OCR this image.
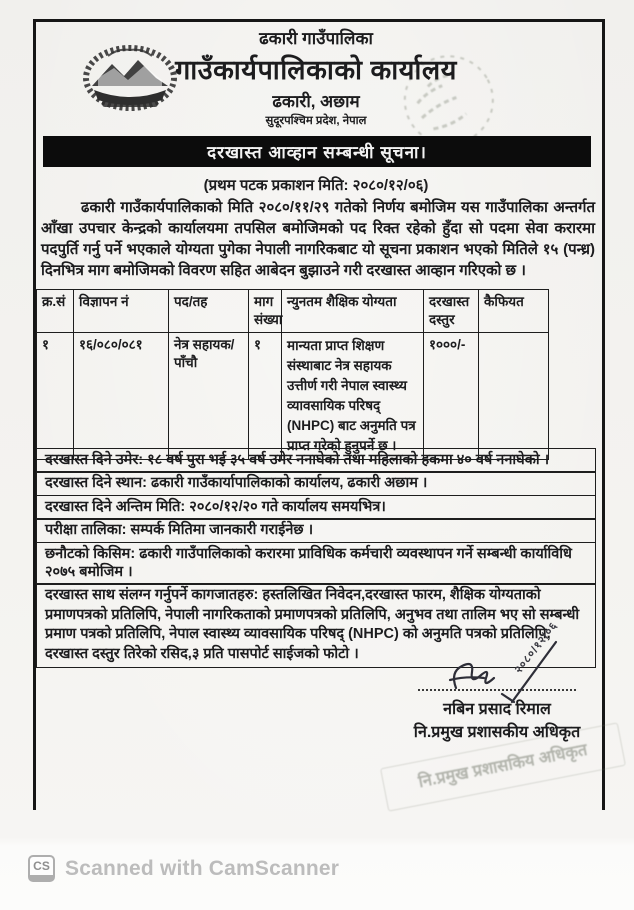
ढकारी गाउँपालिका
गाउँकार्यपालिकाको कार्यालय
ढकारी, अछाम
सुदूरपश्चिम प्रदेश, नेपाल
दरखास्त आव्हान सम्बन्धी सूचना।
(प्रथम पटक प्रकाशन मिति: २०८०/१२/०६)
ढकारी गाउँकार्यपालिकाको मिति २०८०/११/२९ गतेको निर्णय बमोजिम यस गाउँपालिका अन्तर्गत आँखा उपचार केन्द्रको कार्यालयमा तपसिल बमोजिमको पद रिक्त रहेको हुँदा सो पदमा सेवा करारमा पदपुर्ति गर्नु पर्ने भएकाले योग्यता पुगेका नेपाली नागरिकबाट यो सूचना प्रकाशन भएको मितिले १५ (पन्ध्र) दिनभित्र माग बमोजिमको विवरण सहित आबेदन बुझाउने गरी दरखास्त आव्हान गरिएको छ ।
क्र.सं	विज्ञापन नं	पद/तह	माग संख्या	न्युनतम शैक्षिक योग्यता	दरखास्त दस्तुर	कैफियत
१	१६/०८०/०८१	नेत्र सहायक/पाँचौ	१	मान्यता प्राप्त शिक्षण संस्थाबाट नेत्र सहायक उत्तीर्ण गरी नेपाल स्वास्थ्य व्यावसायिक परिषद् (NHPC) बाट अनुमति पत्र प्राप्त गरेको हुनुपर्ने छ ।	१०००/-	
दरखास्त दिने उमेर: १८ वर्ष पुरा भई ३५ वर्ष उमेर ननाघेको तथा महिलाको हकमा ४० वर्ष ननाघेको ।
दरखास्त दिने स्थान: ढकारी गाउँकार्यापालिकाको कार्यालय, ढकारी अछाम ।
दरखास्त दिने अन्तिम मिति: २०८०/१२/२० गते कार्यालय समयभित्र।
परीक्षा तालिका: सम्पर्क मितिमा जानकारी गराईनेछ ।
छनौटको किसिम: ढकारी गाउँपालिकाको करारमा प्राविधिक कर्मचारी व्यवस्थापन गर्ने सम्बन्धी कार्याविधि २०७५ बमोजिम ।
दरखास्त साथ संलग्न गर्नुपर्ने कागजातहरु: हस्तलिखित निवेदन,दरखास्त फारम, शैक्षिक योग्यताको प्रमाणपत्रको प्रतिलिपि, नेपाली नागरिकताको प्रमाणपत्रको प्रतिलिपि, अनुभव तथा तालिम भए सो सम्बन्धी प्रमाण पत्रको प्रतिलिपि, नेपाल स्वास्थ्य व्यावसायिक परिषद् (NHPC) को अनुमति पत्रको प्रतिलिपि, दरखास्त दस्तुर तिरेको रसिद,३ प्रति पासपोर्ट साईजको फोटो ।	२०८०/१२/०६
नबिन प्रसाद रिमाल
नि.प्रमुख प्रशासकीय अधिकृत
नि.प्रमुख प्रशासकिय अधिकृत
CS Scanned with CamScanner
